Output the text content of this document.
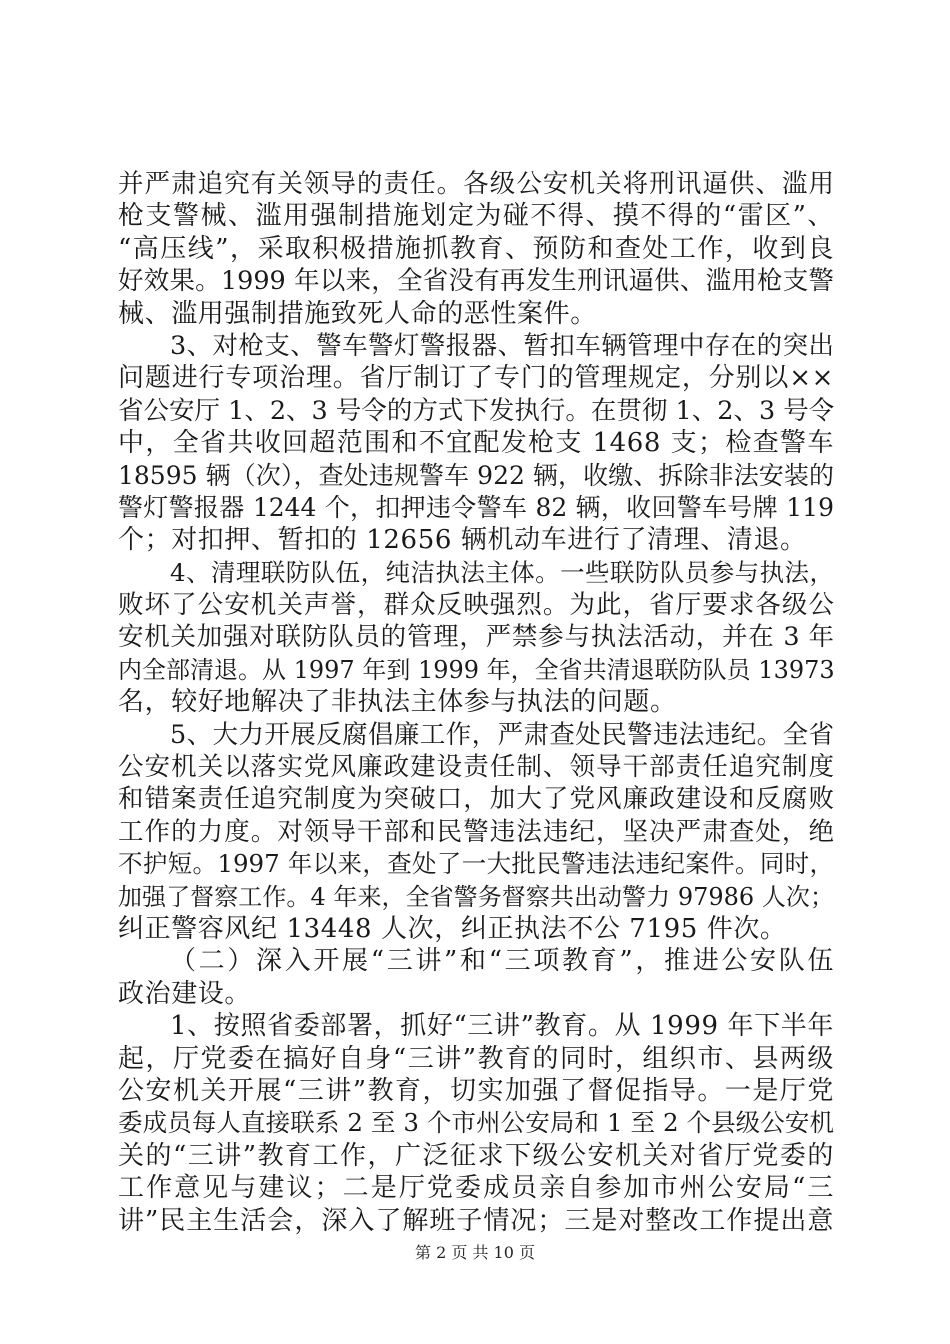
并严肃追究有关领导的责任。各级公安机关将刑讯逼供、滥用
枪支警械、滥用强制措施划定为碰不得、摸不得的“雷区”、
“高压线”，采取积极措施抓教育、预防和查处工作，收到良
好效果。1999 年以来，全省没有再发生刑讯逼供、滥用枪支警
械、滥用强制措施致死人命的恶性案件。
3、对枪支、警车警灯警报器、暂扣车辆管理中存在的突出
问题进行专项治理。省厅制订了专门的管理规定，分别以××
省公安厅 1、2、3 号令的方式下发执行。在贯彻 1、2、3 号令
中，全省共收回超范围和不宜配发枪支 1468 支；检查警车
18595 辆（次），查处违规警车 922 辆，收缴、拆除非法安装的
警灯警报器 1244 个，扣押违令警车 82 辆，收回警车号牌 119
个；对扣押、暂扣的 12656 辆机动车进行了清理、清退。
4、清理联防队伍，纯洁执法主体。一些联防队员参与执法，
败坏了公安机关声誉，群众反映强烈。为此，省厅要求各级公
安机关加强对联防队员的管理，严禁参与执法活动，并在 3 年
内全部清退。从 1997 年到 1999 年，全省共清退联防队员 13973
名，较好地解决了非执法主体参与执法的问题。
5、大力开展反腐倡廉工作，严肃查处民警违法违纪。全省
公安机关以落实党风廉政建设责任制、领导干部责任追究制度
和错案责任追究制度为突破口，加大了党风廉政建设和反腐败
工作的力度。对领导干部和民警违法违纪，坚决严肃查处，绝
不护短。1997 年以来，查处了一大批民警违法违纪案件。同时，
加强了督察工作。4 年来，全省警务督察共出动警力 97986 人次；
纠正警容风纪 13448 人次，纠正执法不公 7195 件次。
（二）深入开展“三讲”和“三项教育”，推进公安队伍
政治建设。
1、按照省委部署，抓好“三讲”教育。从 1999 年下半年
起，厅党委在搞好自身“三讲”教育的同时，组织市、县两级
公安机关开展“三讲”教育，切实加强了督促指导。一是厅党
委成员每人直接联系 2 至 3 个市州公安局和 1 至 2 个县级公安机
关的“三讲”教育工作，广泛征求下级公安机关对省厅党委的
工作意见与建议；二是厅党委成员亲自参加市州公安局“三
讲”民主生活会，深入了解班子情况；三是对整改工作提出意
第 2 页 共 10 页
